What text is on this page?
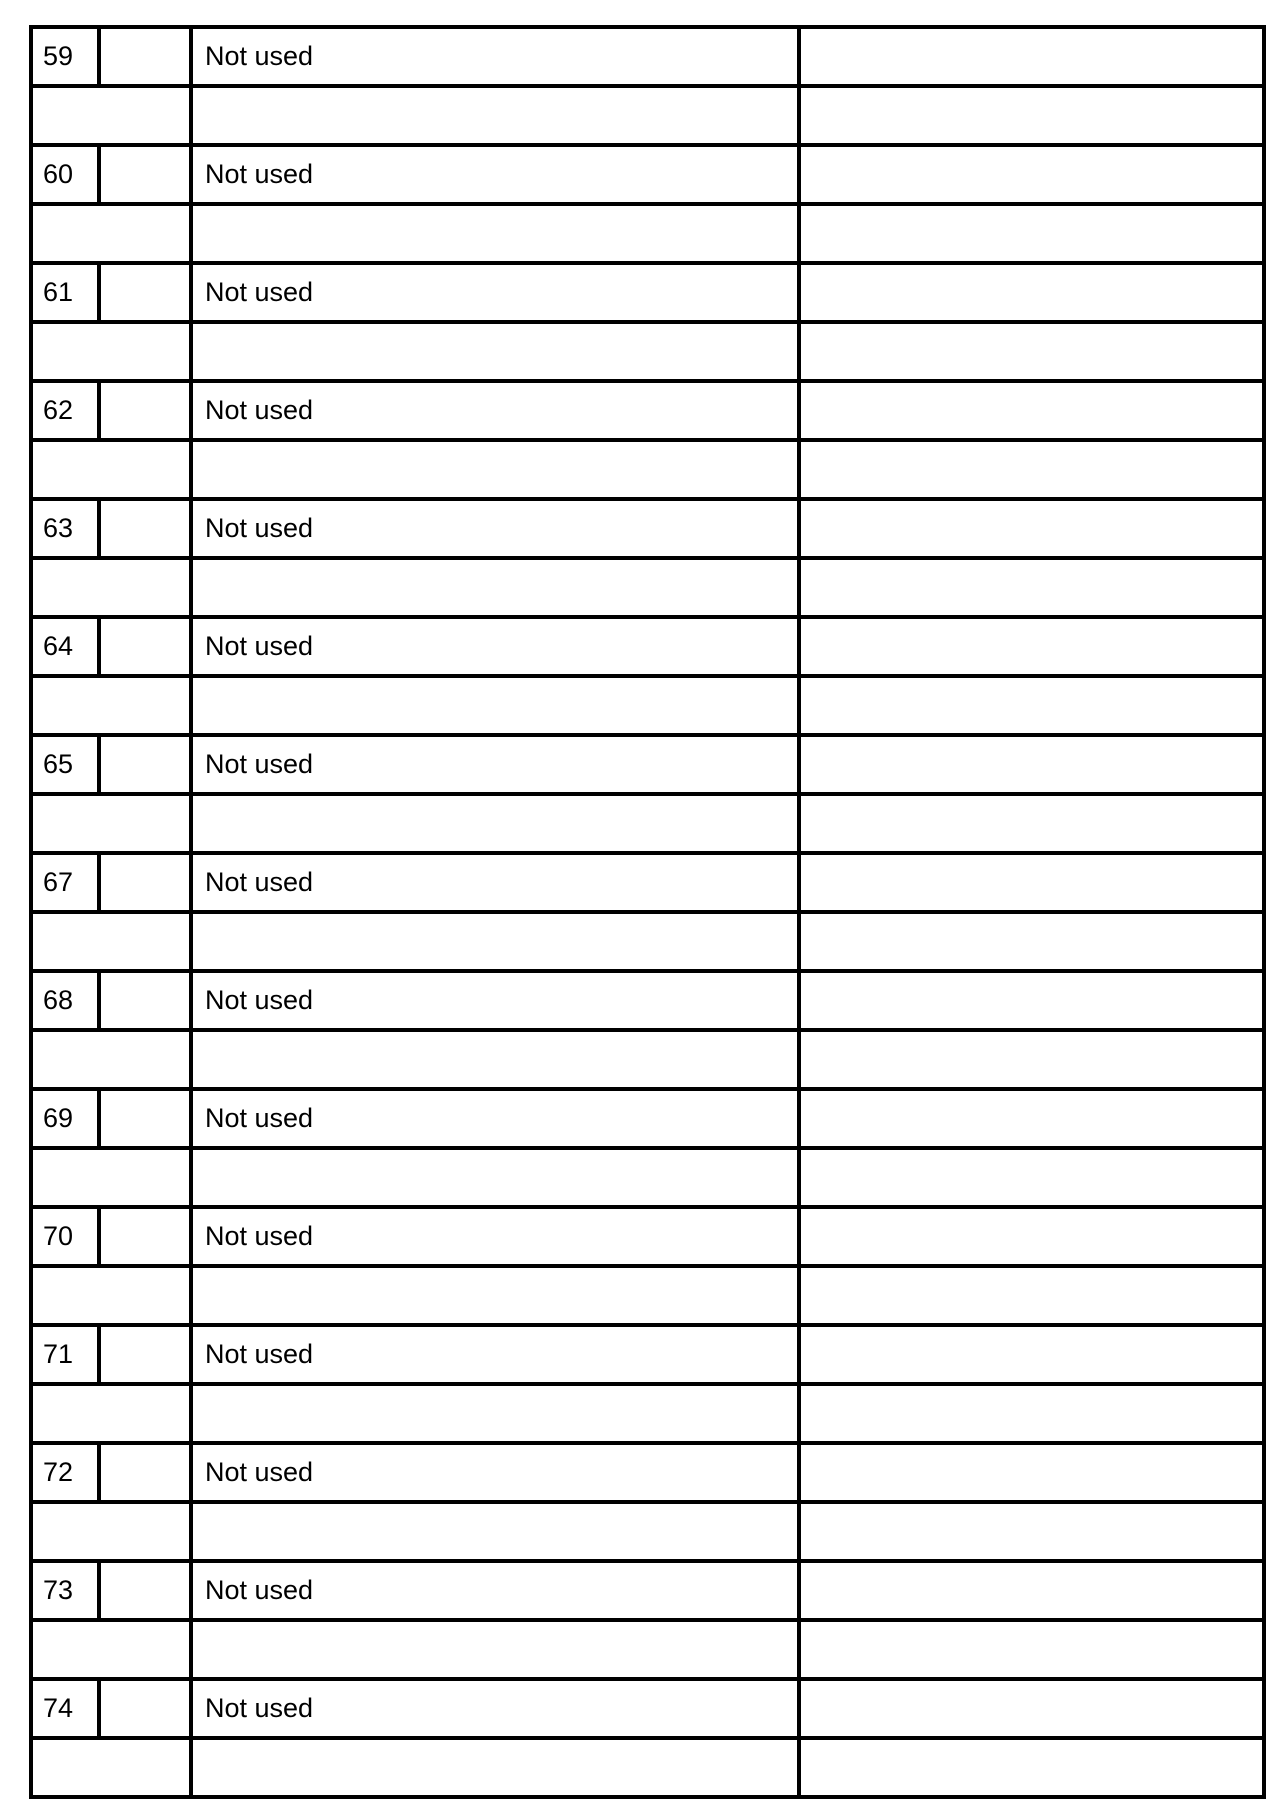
59		Not used	

60		Not used	

61		Not used	

62		Not used	

63		Not used	

64		Not used	

65		Not used	

67		Not used	

68		Not used	

69		Not used	

70		Not used	

71		Not used	

72		Not used	

73		Not used	

74		Not used	
